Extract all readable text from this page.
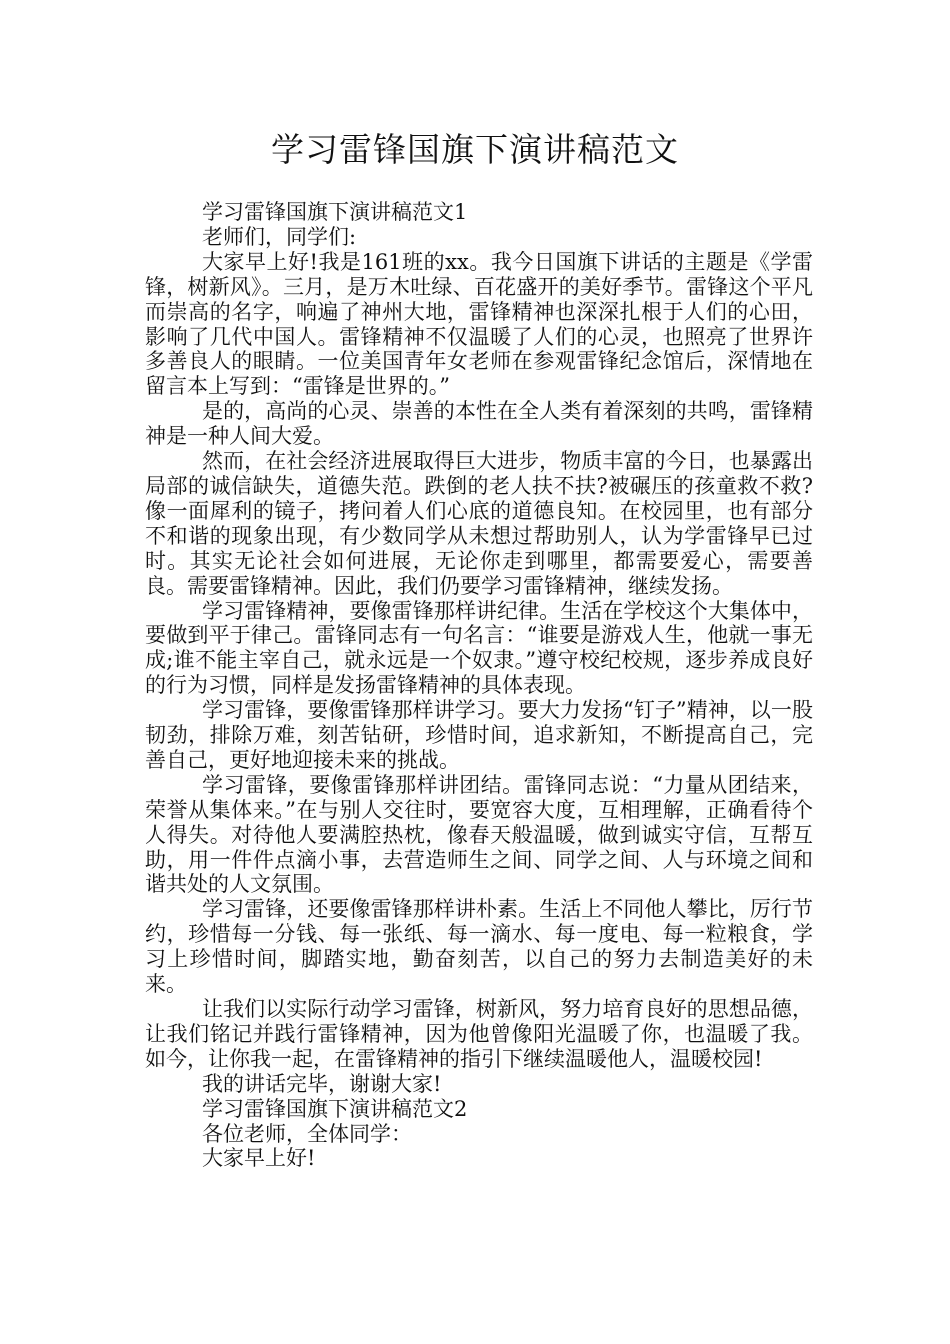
学习雷锋国旗下演讲稿范文

学习雷锋国旗下演讲稿范文1

老师们，同学们:

大家早上好!我是161班的xx。我今日国旗下讲话的主题是《学雷锋，树新风》。三月，是万木吐绿、百花盛开的美好季节。雷锋这个平凡而崇高的名字，响遍了神州大地，雷锋精神也深深扎根于人们的心田，影响了几代中国人。雷锋精神不仅温暖了人们的心灵，也照亮了世界许多善良人的眼睛。一位美国青年女老师在参观雷锋纪念馆后，深情地在留言本上写到：“雷锋是世界的。”

是的，高尚的心灵、崇善的本性在全人类有着深刻的共鸣，雷锋精神是一种人间大爱。

然而，在社会经济进展取得巨大进步，物质丰富的今日，也暴露出局部的诚信缺失，道德失范。跌倒的老人扶不扶?被碾压的孩童救不救?像一面犀利的镜子，拷问着人们心底的道德良知。在校园里，也有部分不和谐的现象出现，有少数同学从未想过帮助别人，认为学雷锋早已过时。其实无论社会如何进展，无论你走到哪里，都需要爱心，需要善良。需要雷锋精神。因此，我们仍要学习雷锋精神，继续发扬。

学习雷锋精神，要像雷锋那样讲纪律。生活在学校这个大集体中，要做到平于律己。雷锋同志有一句名言：“谁要是游戏人生，他就一事无成;谁不能主宰自己，就永远是一个奴隶。”遵守校纪校规，逐步养成良好的行为习惯，同样是发扬雷锋精神的具体表现。

学习雷锋，要像雷锋那样讲学习。要大力发扬“钉子”精神，以一股韧劲，排除万难，刻苦钻研，珍惜时间，追求新知，不断提高自己，完善自己，更好地迎接未来的挑战。

学习雷锋，要像雷锋那样讲团结。雷锋同志说：“力量从团结来，荣誉从集体来。”在与别人交往时，要宽容大度，互相理解，正确看待个人得失。对待他人要满腔热枕，像春天般温暖，做到诚实守信，互帮互助，用一件件点滴小事，去营造师生之间、同学之间、人与环境之间和谐共处的人文氛围。

学习雷锋，还要像雷锋那样讲朴素。生活上不同他人攀比，厉行节约，珍惜每一分钱、每一张纸、每一滴水、每一度电、每一粒粮食，学习上珍惜时间，脚踏实地，勤奋刻苦，以自己的努力去制造美好的未来。

让我们以实际行动学习雷锋，树新风，努力培育良好的思想品德，让我们铭记并践行雷锋精神，因为他曾像阳光温暖了你，也温暖了我。如今，让你我一起，在雷锋精神的指引下继续温暖他人，温暖校园!

我的讲话完毕，谢谢大家!

学习雷锋国旗下演讲稿范文2

各位老师，全体同学：

大家早上好!
